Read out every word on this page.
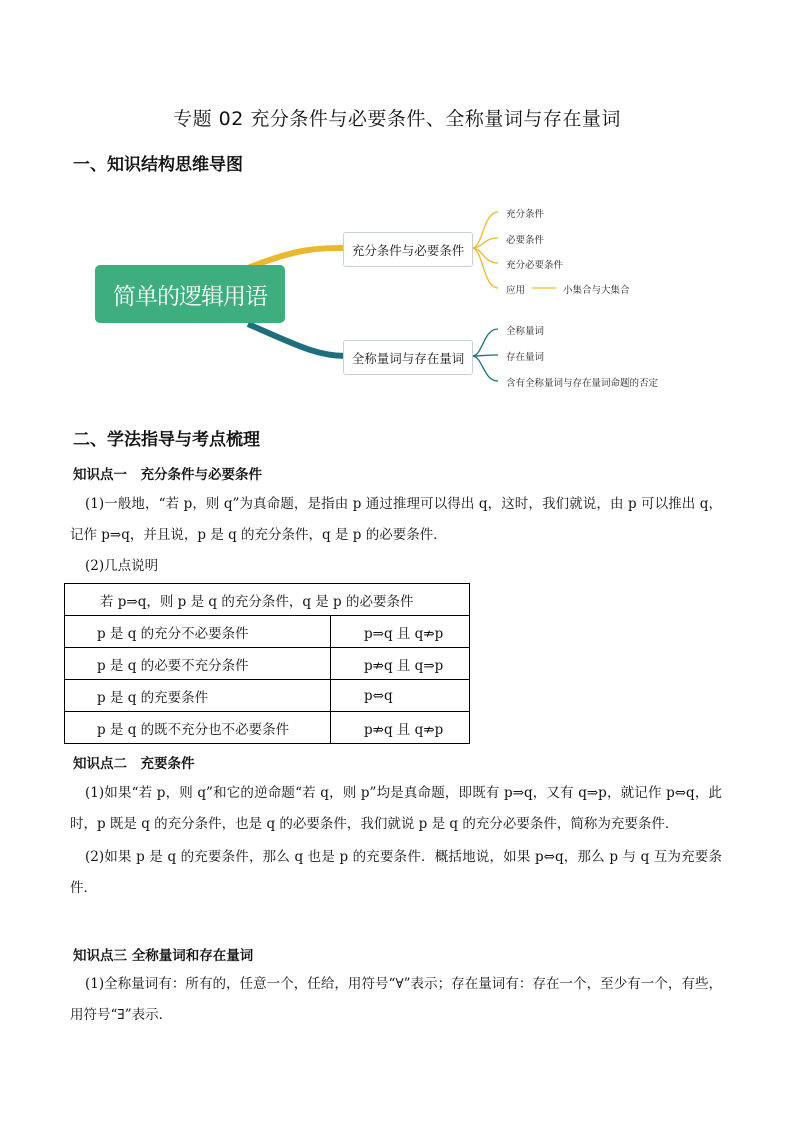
专题 02 充分条件与必要条件、全称量词与存在量词
一、知识结构思维导图
简单的逻辑用语
充分条件与必要条件
全称量词与存在量词
充分条件
必要条件
充分必要条件
应用	小集合与大集合
全称量词
存在量词
含有全称量词与存在量词命题的否定
二、学法指导与考点梳理
知识点一　充分条件与必要条件
(1)一般地，“若 p，则 q”为真命题，是指由 p 通过推理可以得出 q，这时，我们就说，由 p 可以推出 q，记作 p⇒q，并且说，p 是 q 的充分条件，q 是 p 的必要条件．
(2)几点说明
若 p⇒q，则 p 是 q 的充分条件，q 是 p 的必要条件	
p 是 q 的充分不必要条件	p⇒q 且 q⇏p
p 是 q 的必要不充分条件	p⇏q 且 q⇒p
p 是 q 的充要条件	p⇔q
p 是 q 的既不充分也不必要条件	p⇏q 且 q⇏p
知识点二　充要条件
(1)如果“若 p，则 q”和它的逆命题“若 q，则 p”均是真命题，即既有 p⇒q，又有 q⇒p，就记作 p⇔q，此时，p 既是 q 的充分条件，也是 q 的必要条件，我们就说 p 是 q 的充分必要条件，简称为充要条件．
(2)如果 p 是 q 的充要条件，那么 q 也是 p 的充要条件．概括地说，如果 p⇔q，那么 p 与 q 互为充要条件．
知识点三 全称量词和存在量词
(1)全称量词有：所有的，任意一个，任给，用符号“∀”表示；存在量词有：存在一个，至少有一个，有些，用符号“∃”表示．
